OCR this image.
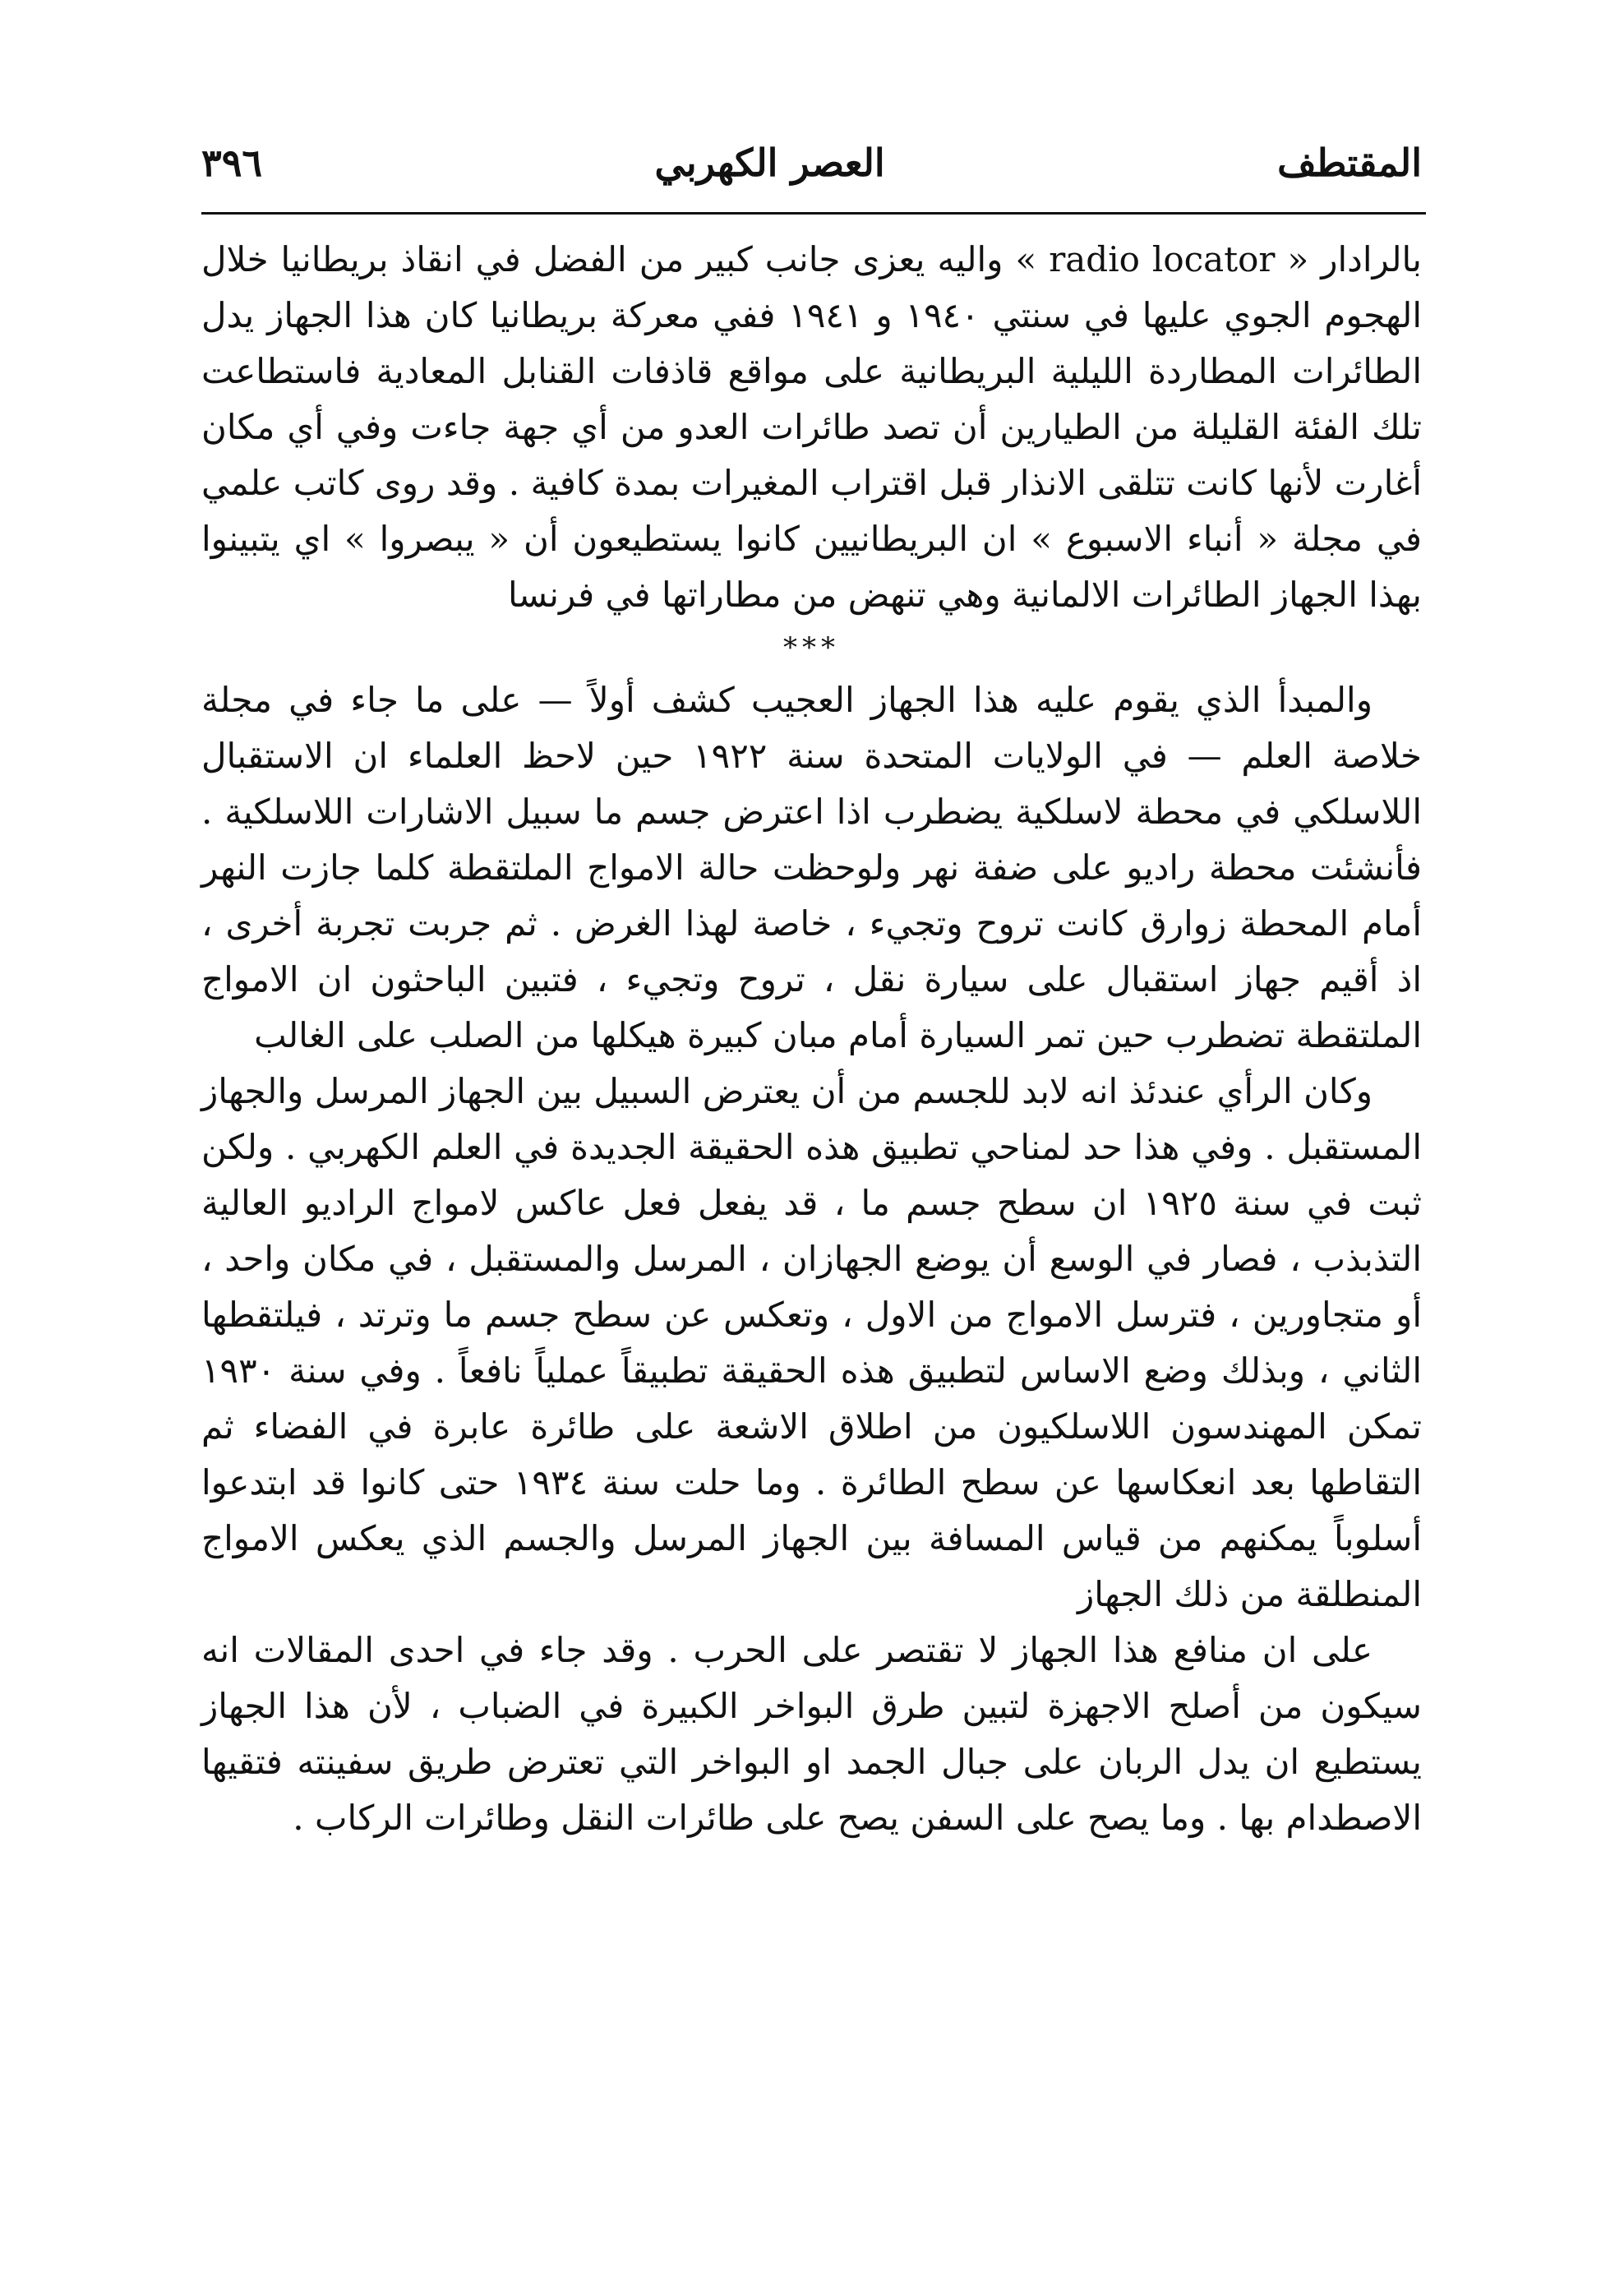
٣٩٦	العصر الكهربي	المقتطف

بالرادار « radio locator » واليه يعزى جانب كبير من الفضل في انقاذ بريطانيا خلال الهجوم الجوي عليها في سنتي ١٩٤٠ و ١٩٤١ ففي معركة بريطانيا كان هذا الجهاز يدل الطائرات المطاردة الليلية البريطانية على مواقع قاذفات القنابل المعادية فاستطاعت تلك الفئة القليلة من الطيارين أن تصد طائرات العدو من أي جهة جاءت وفي أي مكان أغارت لأنها كانت تتلقى الانذار قبل اقتراب المغيرات بمدة كافية . وقد روى كاتب علمي في مجلة « أنباء الاسبوع » ان البريطانيين كانوا يستطيعون أن « يبصروا » اي يتبينوا بهذا الجهاز الطائرات الالمانية وهي تنهض من مطاراتها في فرنسا

***

والمبدأ الذي يقوم عليه هذا الجهاز العجيب كشف أولاً — على ما جاء في مجلة خلاصة العلم — في الولايات المتحدة سنة ١٩٢٢ حين لاحظ العلماء ان الاستقبال اللاسلكي في محطة لاسلكية يضطرب اذا اعترض جسم ما سبيل الاشارات اللاسلكية . فأنشئت محطة راديو على ضفة نهر ولوحظت حالة الامواج الملتقطة كلما جازت النهر أمام المحطة زوارق كانت تروح وتجيء ، خاصة لهذا الغرض . ثم جربت تجربة أخرى ، اذ أقيم جهاز استقبال على سيارة نقل ، تروح وتجيء ، فتبين الباحثون ان الامواج الملتقطة تضطرب حين تمر السيارة أمام مبان كبيرة هيكلها من الصلب على الغالب

وكان الرأي عندئذ انه لابد للجسم من أن يعترض السبيل بين الجهاز المرسل والجهاز المستقبل . وفي هذا حد لمناحي تطبيق هذه الحقيقة الجديدة في العلم الكهربي . ولكن ثبت في سنة ١٩٢٥ ان سطح جسم ما ، قد يفعل فعل عاكس لامواج الراديو العالية التذبذب ، فصار في الوسع أن يوضع الجهازان ، المرسل والمستقبل ، في مكان واحد ، أو متجاورين ، فترسل الامواج من الاول ، وتعكس عن سطح جسم ما وترتد ، فيلتقطها الثاني ، وبذلك وضع الاساس لتطبيق هذه الحقيقة تطبيقاً عملياً نافعاً . وفي سنة ١٩٣٠ تمكن المهندسون اللاسلكيون من اطلاق الاشعة على طائرة عابرة في الفضاء ثم التقاطها بعد انعكاسها عن سطح الطائرة . وما حلت سنة ١٩٣٤ حتى كانوا قد ابتدعوا أسلوباً يمكنهم من قياس المسافة بين الجهاز المرسل والجسم الذي يعكس الامواج المنطلقة من ذلك الجهاز

على ان منافع هذا الجهاز لا تقتصر على الحرب . وقد جاء في احدى المقالات انه سيكون من أصلح الاجهزة لتبين طرق البواخر الكبيرة في الضباب ، لأن هذا الجهاز يستطيع ان يدل الربان على جبال الجمد او البواخر التي تعترض طريق سفينته فتقيها الاصطدام بها . وما يصح على السفن يصح على طائرات النقل وطائرات الركاب .
